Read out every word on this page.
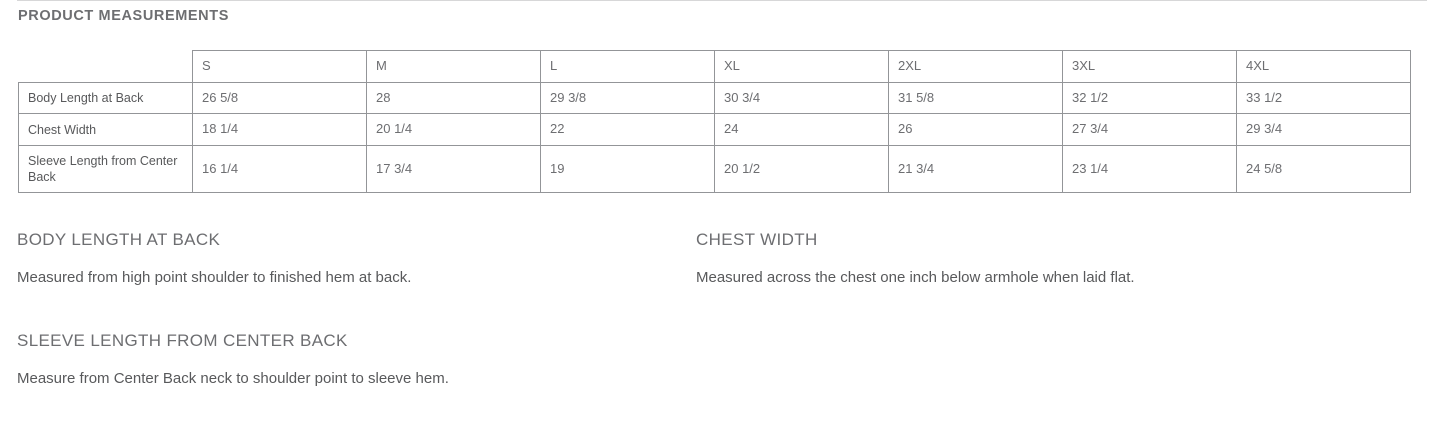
PRODUCT MEASUREMENTS
	S	M	L	XL	2XL	3XL	4XL
Body Length at Back	26 5/8	28	29 3/8	30 3/4	31 5/8	32 1/2	33 1/2
Chest Width	18 1/4	20 1/4	22	24	26	27 3/4	29 3/4
Sleeve Length from Center Back	16 1/4	17 3/4	19	20 1/2	21 3/4	23 1/4	24 5/8

BODY LENGTH AT BACK

Measured from high point shoulder to finished hem at back.

CHEST WIDTH

Measured across the chest one inch below armhole when laid flat.

SLEEVE LENGTH FROM CENTER BACK

Measure from Center Back neck to shoulder point to sleeve hem.
